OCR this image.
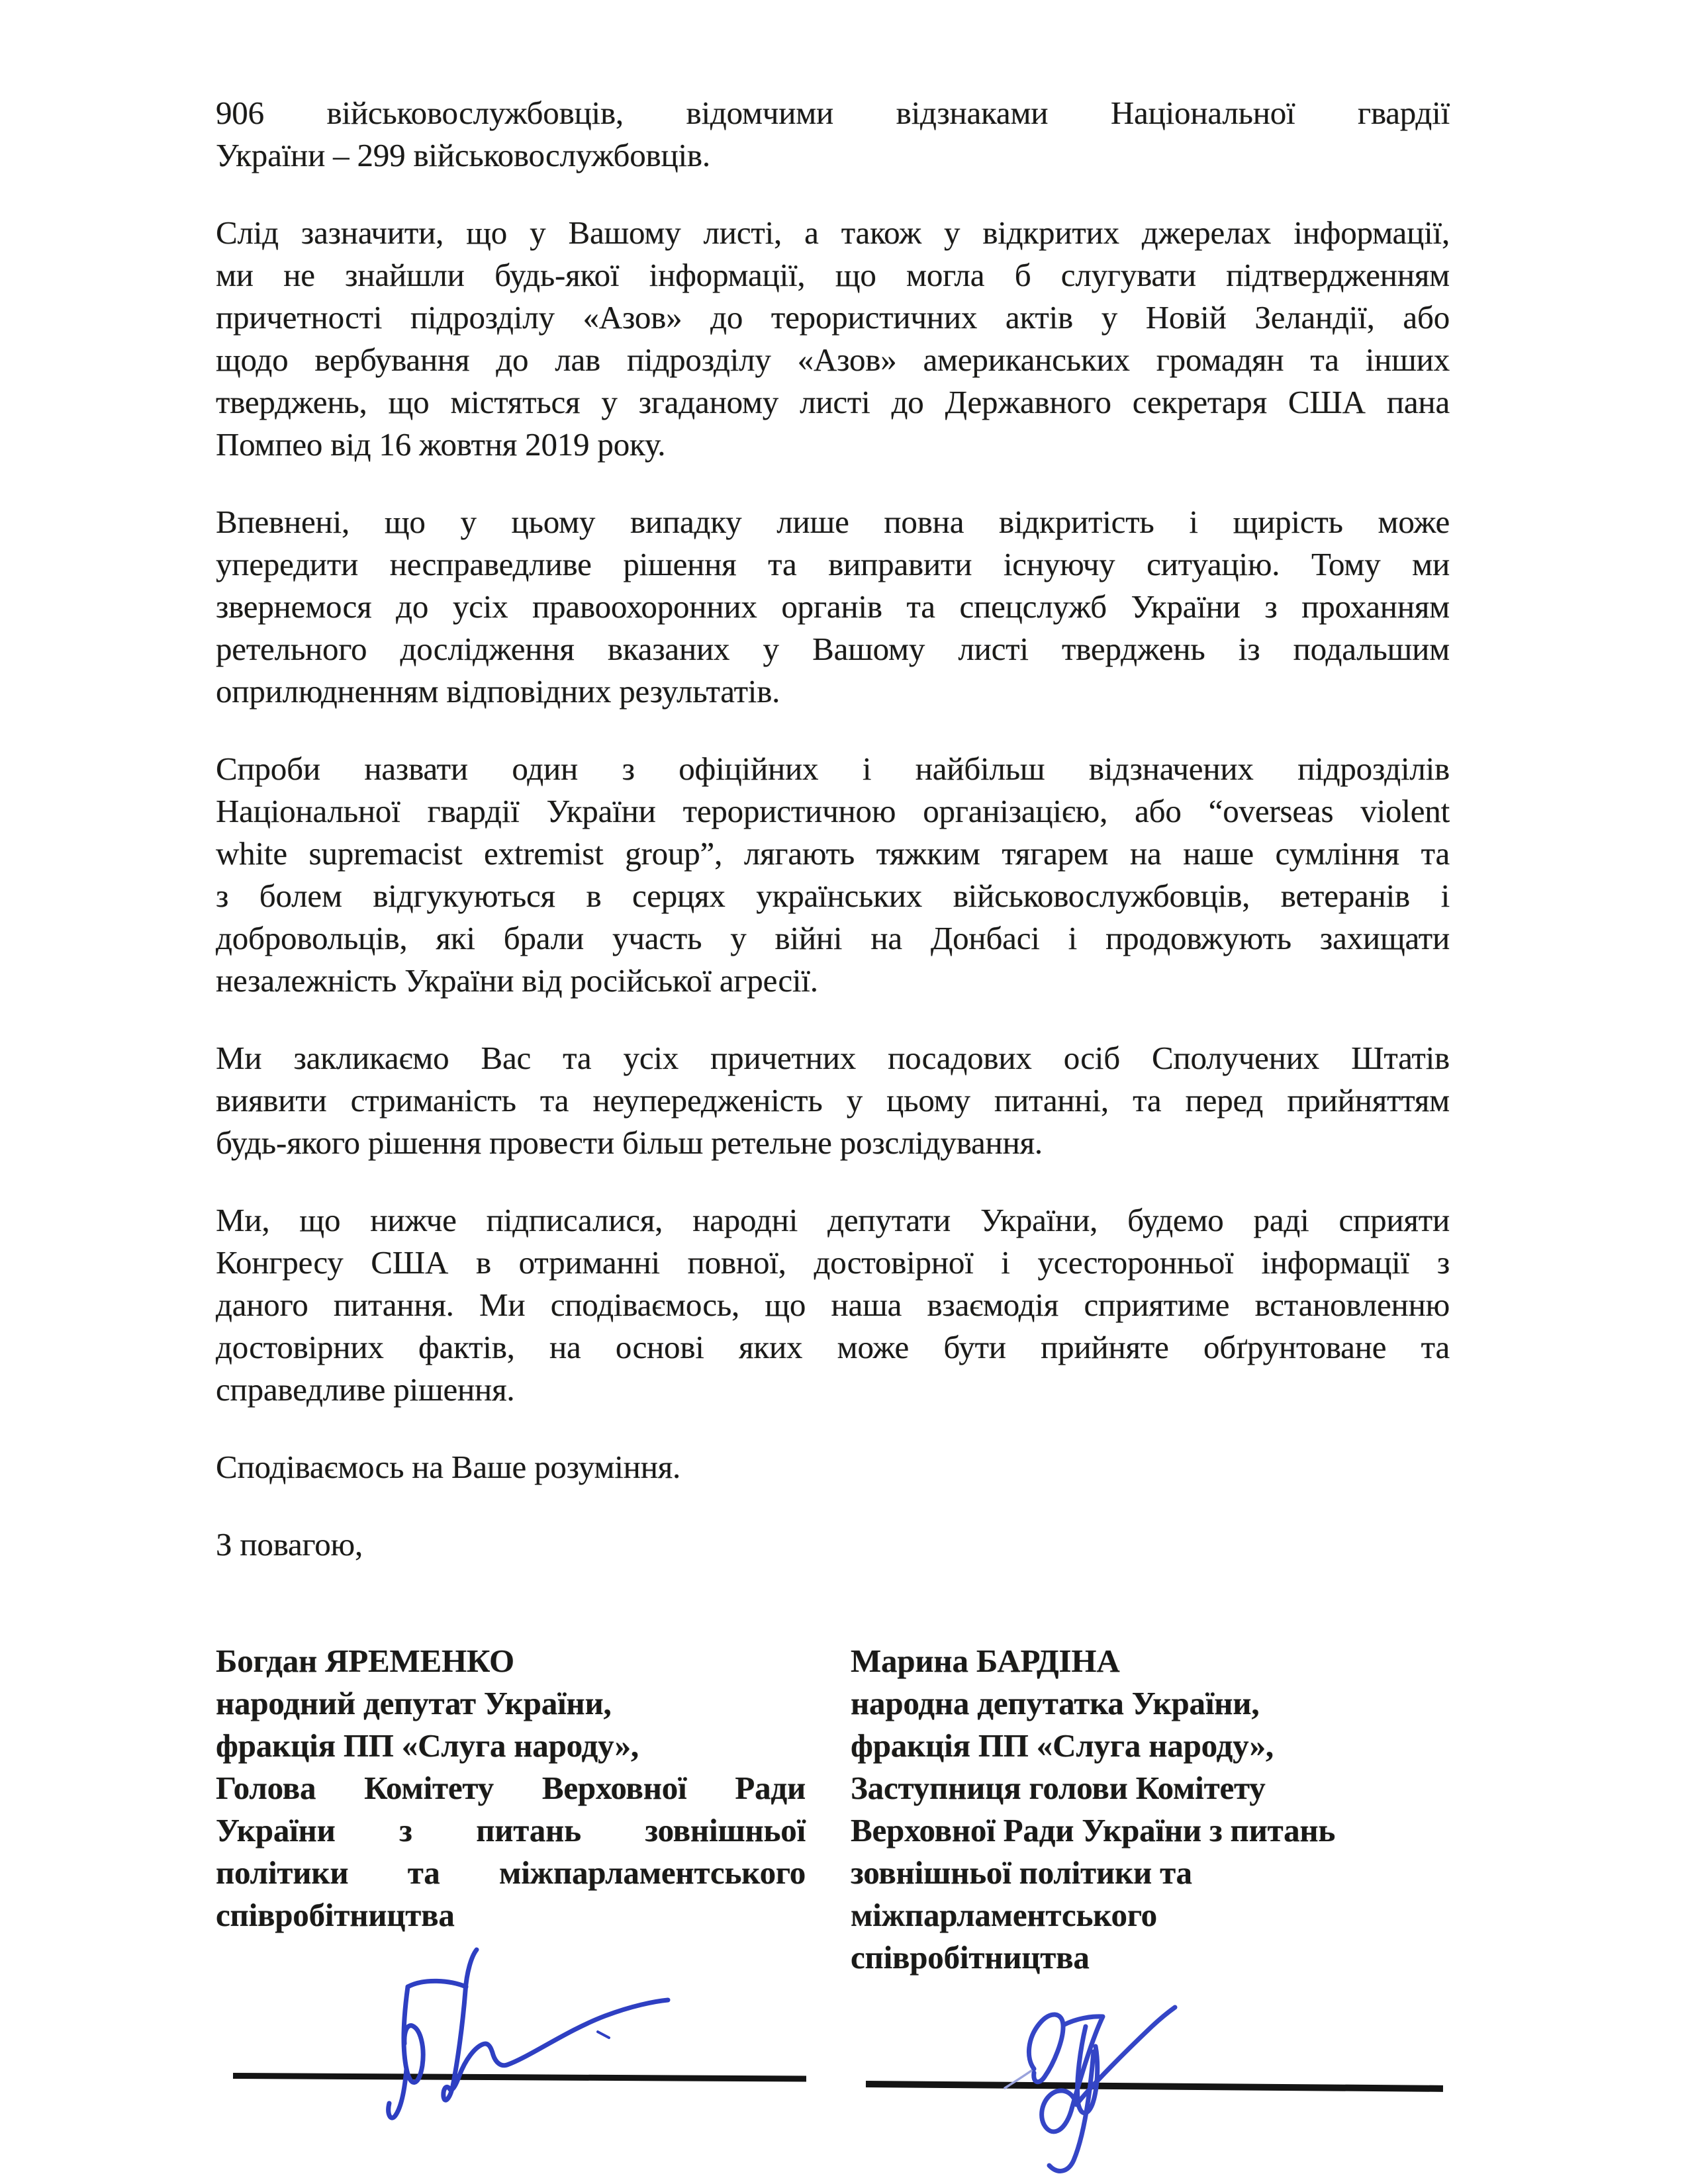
906 військовослужбовців, відомчими відзнаками Національної гвардії
України – 299 військовослужбовців.
Слід зазначити, що у Вашому листі, а також у відкритих джерелах інформації,
ми не знайшли будь-якої інформації, що могла б слугувати підтвердженням
причетності підрозділу «Азов» до терористичних актів у Новій Зеландії, або
щодо вербування до лав підрозділу «Азов» американських громадян та інших
тверджень, що містяться у згаданому листі до Державного секретаря США пана
Помпео від 16 жовтня 2019 року.
Впевнені, що у цьому випадку лише повна відкритість і щирість може
упередити несправедливе рішення та виправити існуючу ситуацію. Тому ми
звернемося до усіх правоохоронних органів та спецслужб України з проханням
ретельного дослідження вказаних у Вашому листі тверджень із подальшим
оприлюдненням відповідних результатів.
Спроби назвати один з офіційних і найбільш відзначених підрозділів
Національної гвардії України терористичною організацією, або “overseas violent
white supremacist extremist group”, лягають тяжким тягарем на наше сумління та
з болем відгукуються в серцях українських військовослужбовців, ветеранів і
добровольців, які брали участь у війні на Донбасі і продовжують захищати
незалежність України від російської агресії.
Ми закликаємо Вас та усіх причетних посадових осіб Сполучених Штатів
виявити стриманість та неупередженість у цьому питанні, та перед прийняттям
будь-якого рішення провести більш ретельне розслідування.
Ми, що нижче підписалися, народні депутати України, будемо раді сприяти
Конгресу США в отриманні повної, достовірної і усесторонньої інформації з
даного питання. Ми сподіваємось, що наша взаємодія сприятиме встановленню
достовірних фактів, на основі яких може бути прийняте обґрунтоване та
справедливе рішення.
Сподіваємось на Ваше розуміння.
З повагою,
Богдан ЯРЕМЕНКО
народний депутат України,
фракція ПП «Слуга народу»,
Голова Комітету Верховної Ради
України з питань зовнішньої
політики та міжпарламентського
співробітництва
Марина БАРДІНА
народна депутатка України,
фракція ПП «Слуга народу»,
Заступниця голови Комітету
Верховної Ради України з питань
зовнішньої політики та
міжпарламентського
співробітництва
